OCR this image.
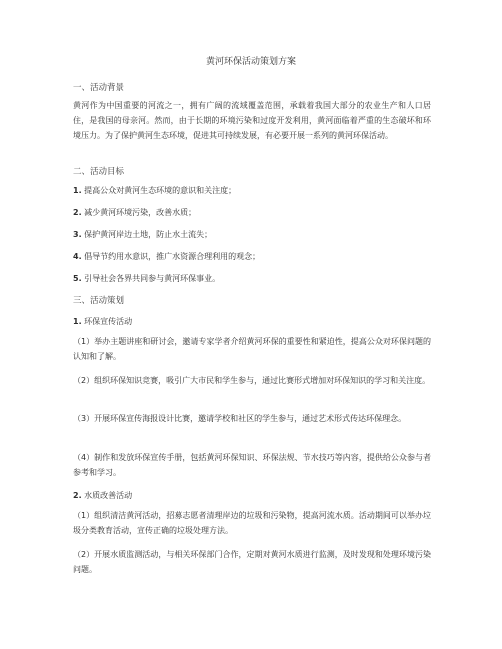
黄河环保活动策划方案
一、活动背景
黄河作为中国重要的河流之一，拥有广阔的流域覆盖范围，承载着我国大部分的农业生产和人口居住，是我国的母亲河。然而，由于长期的环境污染和过度开发利用，黄河面临着严重的生态破坏和环境压力。为了保护黄河生态环境，促进其可持续发展，有必要开展一系列的黄河环保活动。
二、活动目标
1. 提高公众对黄河生态环境的意识和关注度；
2. 减少黄河环境污染，改善水质；
3. 保护黄河岸边土地，防止水土流失；
4. 倡导节约用水意识，推广水资源合理利用的观念；
5. 引导社会各界共同参与黄河环保事业。
三、活动策划
1. 环保宣传活动
（1）举办主题讲座和研讨会，邀请专家学者介绍黄河环保的重要性和紧迫性，提高公众对环保问题的认知和了解。
（2）组织环保知识竞赛，吸引广大市民和学生参与，通过比赛形式增加对环保知识的学习和关注度。
（3）开展环保宣传海报设计比赛，邀请学校和社区的学生参与，通过艺术形式传达环保理念。
（4）制作和发放环保宣传手册，包括黄河环保知识、环保法规、节水技巧等内容，提供给公众参与者参考和学习。
2. 水质改善活动
（1）组织清洁黄河活动，招募志愿者清理岸边的垃圾和污染物，提高河流水质。活动期间可以举办垃圾分类教育活动，宣传正确的垃圾处理方法。
（2）开展水质监测活动，与相关环保部门合作，定期对黄河水质进行监测，及时发现和处理环境污染问题。
